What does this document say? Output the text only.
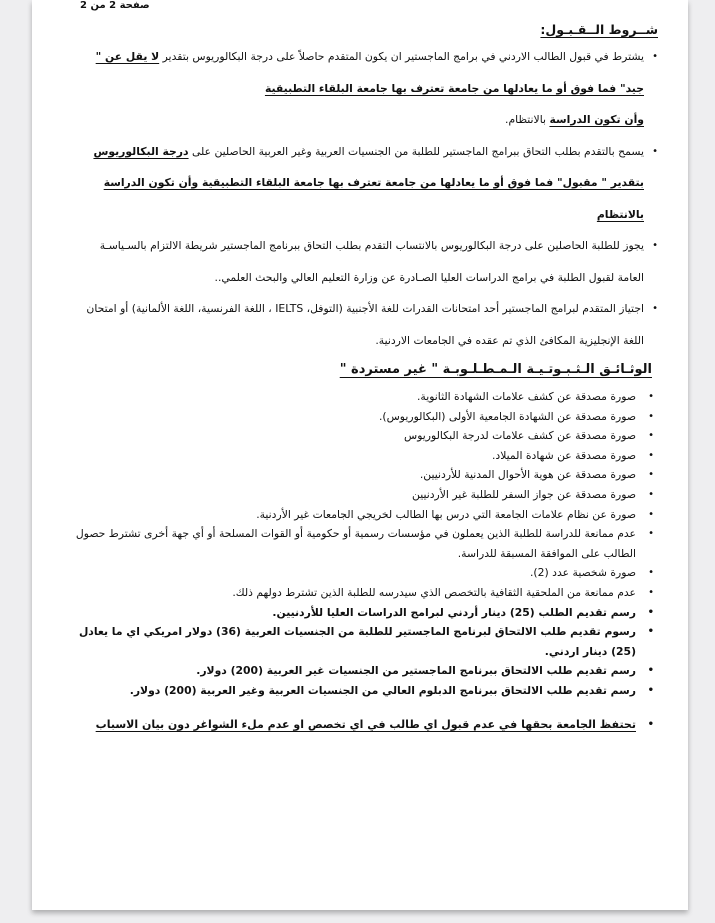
صفحة 2 من 2
شــروط الــقـبـول:
•
يشترط في قبول الطالب الاردني في برامج الماجستير ان يكون المتقدم حاصلاً على درجة البكالوريوس بتقدير لا يقل عن " جيد" فما فوق أو ما يعادلها من جامعة تعترف بها جامعة البلقاء التطبيقية
وأن تكون الدراسة بالانتظام.
•
يسمح بالتقدم بطلب التحاق ببرامج الماجستير للطلبة من الجنسيات العربية وغير العربية الحاصلين على درجة البكالوريوس بتقدير " مقبول" فما فوق أو ما يعادلها من جامعة تعترف بها جامعة البلقاء التطبيقية وأن تكون الدراسة بالانتظام
•
يجوز للطلبة الحاصلين على درجة البكالوريوس بالانتساب التقدم بطلب التحاق ببرنامج الماجستير شريطة الالتزام بالسـياسـة العامة لقبول الطلبة في برامج الدراسات العليا الصـادرة عن وزارة التعليم العالي والبحث العلمي..
•
اجتياز المتقدم لبرامج الماجستير أحد امتحانات القدرات للغة الأجنبية (التوفل، IELTS ، اللغة الفرنسية، اللغة الألمانية) أو امتحان اللغة الإنجليزية المكافئ الذي تم عقده في الجامعات الاردنية.
الوثـائـق الـثـبـوتـيـة الـمـطـلـوبـة " غير مستردة "
•
صورة مصدقة عن كشف علامات الشهادة الثانوية.
•
صورة مصدقة عن الشهادة الجامعية الأولى (البكالوريوس).
•
صورة مصدقة عن كشف علامات لدرجة البكالوريوس
•
صورة مصدقة عن شهادة الميلاد.
•
صورة مصدقة عن هوية الأحوال المدنية للأردنيين.
•
صورة مصدقة عن جواز السفر للطلبة غير الأردنيين
•
صورة عن نظام علامات الجامعة التي درس بها الطالب لخريجي الجامعات غير الأردنية.
•
عدم ممانعة للدراسة للطلبة الذين يعملون في مؤسسات رسمية أو حكومية أو القوات المسلحة أو أي جهة أخرى تشترط حصول الطالب على الموافقة المسبقة للدراسة.
•
صورة شخصية عدد (2).
•
عدم ممانعة من الملحقية الثقافية بالتخصص الذي سيدرسه للطلبة الذين تشترط دولهم ذلك.
•
رسم تقديم الطلب (25) دينار أردني لبرامج الدراسات العليا للأردنيين.
•
رسوم تقديم طلب الالتحاق لبرنامج الماجستير للطلبة من الجنسيات العربية (36) دولار امريكي اي ما يعادل (25) دينار اردني.
•
رسم تقديم طلب الالتحاق ببرنامج الماجستير من الجنسيات غير العربية (200) دولار.
•
رسم تقديم طلب الالتحاق ببرنامج الدبلوم العالي من الجنسيات العربية وغير العربية (200) دولار.
•
تحتفظ الجامعة بحقها في عدم قبول اي طالب في اي تخصص او عدم ملء الشواغر دون بيان الاسباب
